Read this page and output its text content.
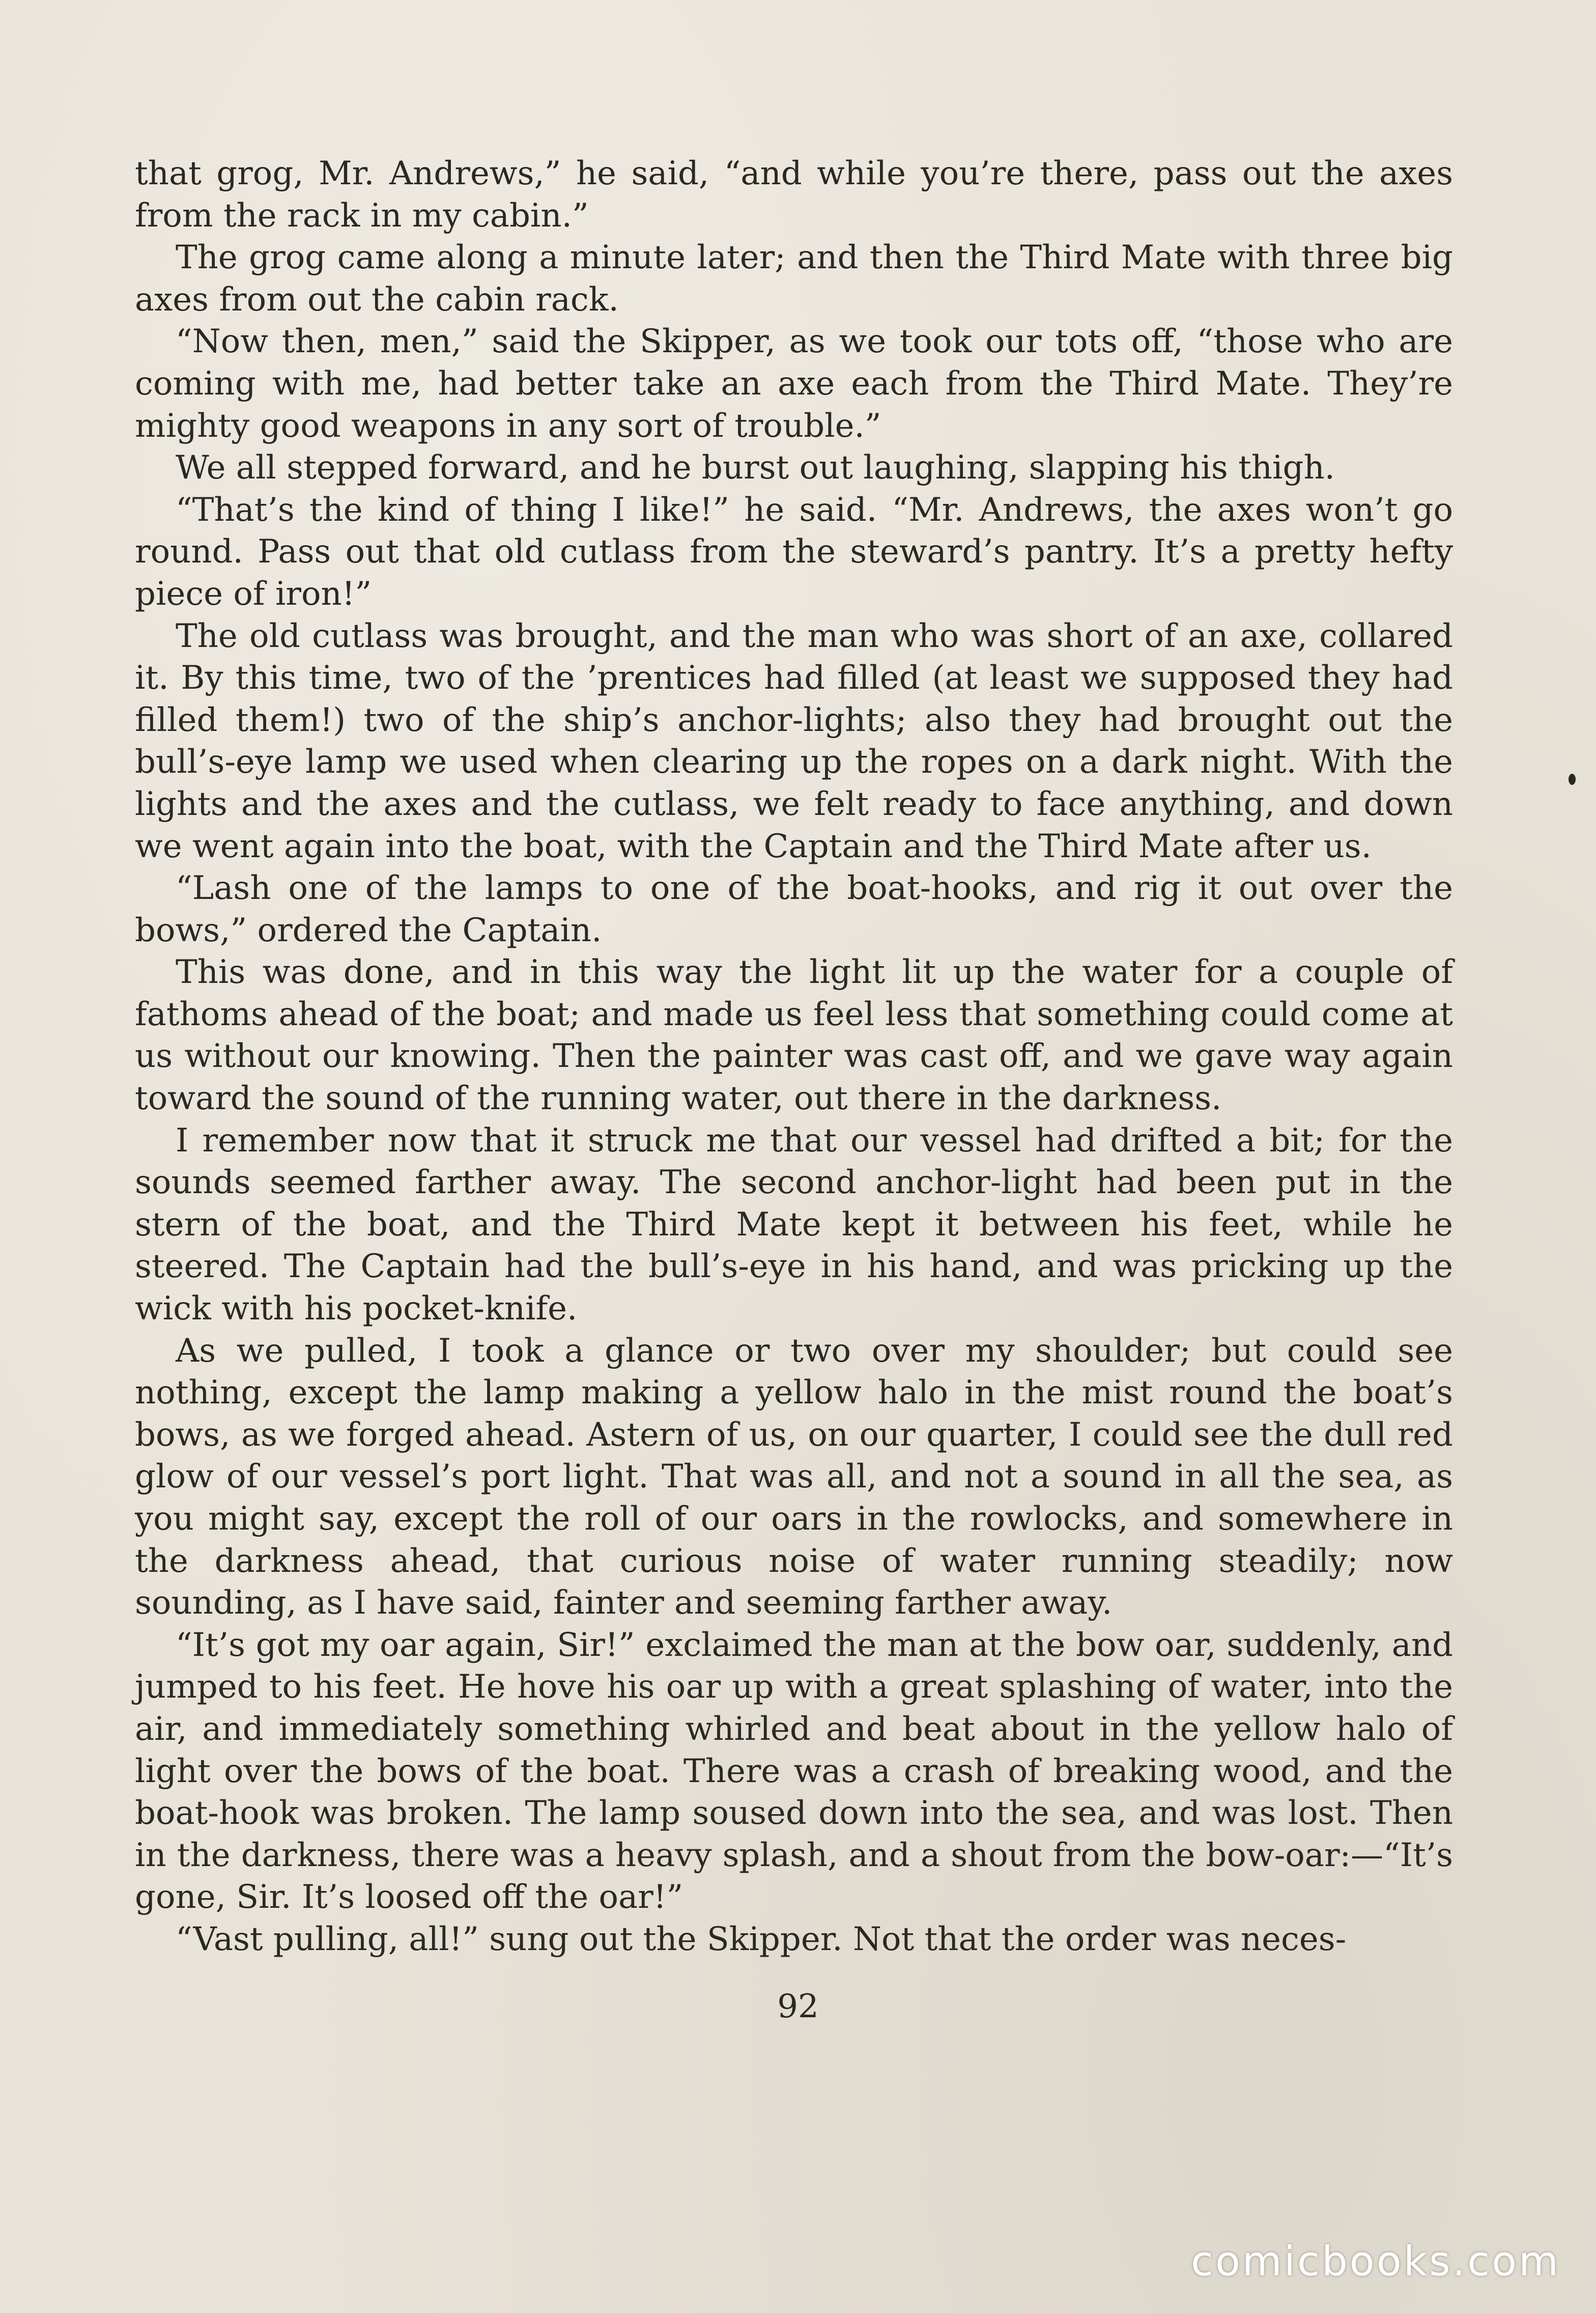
that grog, Mr. Andrews,” he said, “and while you’re there, pass out the axes from the rack in my cabin.”

The grog came along a minute later; and then the Third Mate with three big axes from out the cabin rack.

“Now then, men,” said the Skipper, as we took our tots off, “those who are coming with me, had better take an axe each from the Third Mate. They’re mighty good weapons in any sort of trouble.”

We all stepped forward, and he burst out laughing, slapping his thigh.

“That’s the kind of thing I like!” he said. “Mr. Andrews, the axes won’t go round. Pass out that old cutlass from the steward’s pantry. It’s a pretty hefty piece of iron!”

The old cutlass was brought, and the man who was short of an axe, collared it. By this time, two of the ’prentices had filled (at least we supposed they had filled them!) two of the ship’s anchor-lights; also they had brought out the bull’s-eye lamp we used when clearing up the ropes on a dark night. With the lights and the axes and the cutlass, we felt ready to face anything, and down we went again into the boat, with the Captain and the Third Mate after us.

“Lash one of the lamps to one of the boat-hooks, and rig it out over the bows,” ordered the Captain.

This was done, and in this way the light lit up the water for a couple of fathoms ahead of the boat; and made us feel less that something could come at us without our knowing. Then the painter was cast off, and we gave way again toward the sound of the running water, out there in the darkness.

I remember now that it struck me that our vessel had drifted a bit; for the sounds seemed farther away. The second anchor-light had been put in the stern of the boat, and the Third Mate kept it between his feet, while he steered. The Captain had the bull’s-eye in his hand, and was pricking up the wick with his pocket-knife.

As we pulled, I took a glance or two over my shoulder; but could see nothing, except the lamp making a yellow halo in the mist round the boat’s bows, as we forged ahead. Astern of us, on our quarter, I could see the dull red glow of our vessel’s port light. That was all, and not a sound in all the sea, as you might say, except the roll of our oars in the rowlocks, and somewhere in the darkness ahead, that curious noise of water running steadily; now sounding, as I have said, fainter and seeming farther away.

“It’s got my oar again, Sir!” exclaimed the man at the bow oar, suddenly, and jumped to his feet. He hove his oar up with a great splashing of water, into the air, and immediately something whirled and beat about in the yellow halo of light over the bows of the boat. There was a crash of breaking wood, and the boat-hook was broken. The lamp soused down into the sea, and was lost. Then in the darkness, there was a heavy splash, and a shout from the bow-oar:—“It’s gone, Sir. It’s loosed off the oar!”

“Vast pulling, all!” sung out the Skipper. Not that the order was neces-

92
comicbooks.com
